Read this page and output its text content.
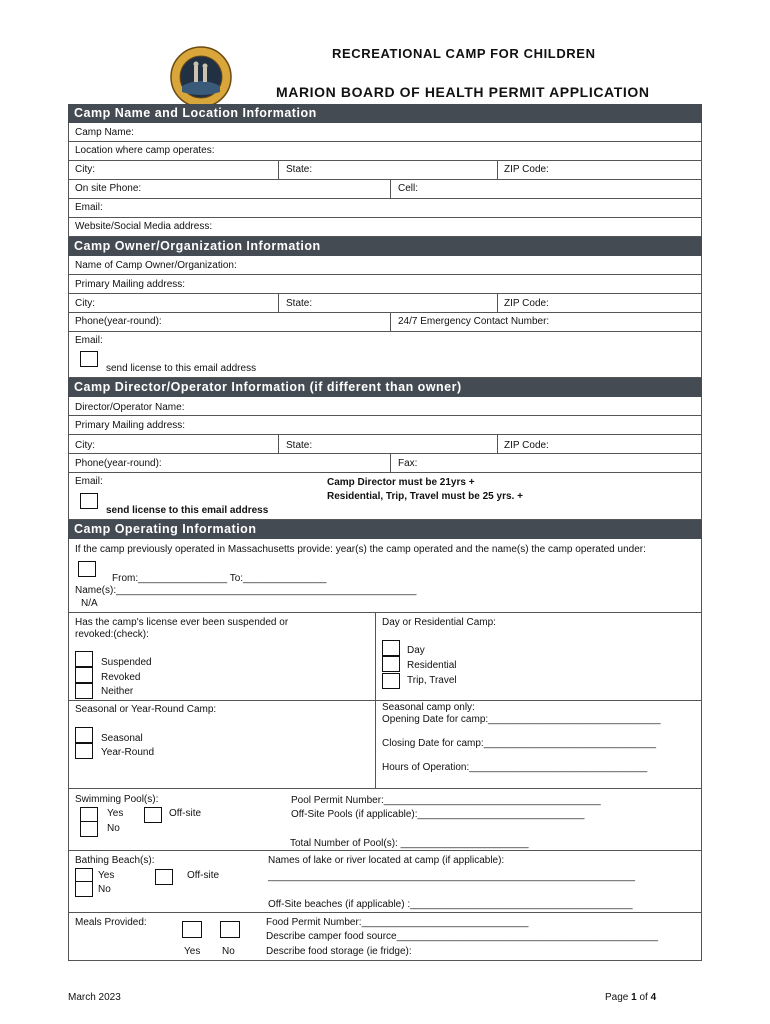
RECREATIONAL CAMP FOR CHILDREN
MARION BOARD OF HEALTH PERMIT APPLICATION
Camp Name and Location Information
Camp Name:
Location where camp operates:
City:	State:	ZIP Code:
On site Phone:	Cell:
Email:
Website/Social Media address:
Camp Owner/Organization Information
Name of Camp Owner/Organization:
Primary Mailing address:
City:	State:	ZIP Code:
Phone(year-round):	24/7 Emergency Contact Number:
Email:
send license to this email address
Camp Director/Operator Information (if different than owner)
Director/Operator Name:
Primary Mailing address:
City:	State:	ZIP Code:
Phone(year-round):	Fax:
Email:	Camp Director must be 21yrs +
Residential, Trip, Travel must be 25 yrs. +
send license to this email address
Camp Operating Information
If the camp previously operated in Massachusetts provide: year(s) the camp operated and the name(s) the camp operated under:
From:________________ To:_______________
Name(s):______________________________________________________
N/A
Has the camp's license ever been suspended or
revoked:(check):
Suspended
Revoked
Neither
Day or Residential Camp:
Day
Residential
Trip, Travel
Seasonal or Year-Round Camp:
Seasonal
Year-Round
Seasonal camp only:
Opening Date for camp:_______________________________
Closing Date for camp:_______________________________
Hours of Operation:________________________________
Swimming Pool(s):
Yes
No
Off-site
Pool Permit Number:_______________________________________
Off-Site Pools (if applicable):______________________________
Total Number of Pool(s): _______________________
Bathing Beach(s):
Yes
No
Off-site
Names of lake or river located at camp (if applicable):
__________________________________________________________________
Off-Site beaches (if applicable) :________________________________________
Meals Provided:
Yes No
Food Permit Number:______________________________
Describe camper food source_______________________________________________
Describe food storage (ie fridge):
March 2023	Page 1 of 4
